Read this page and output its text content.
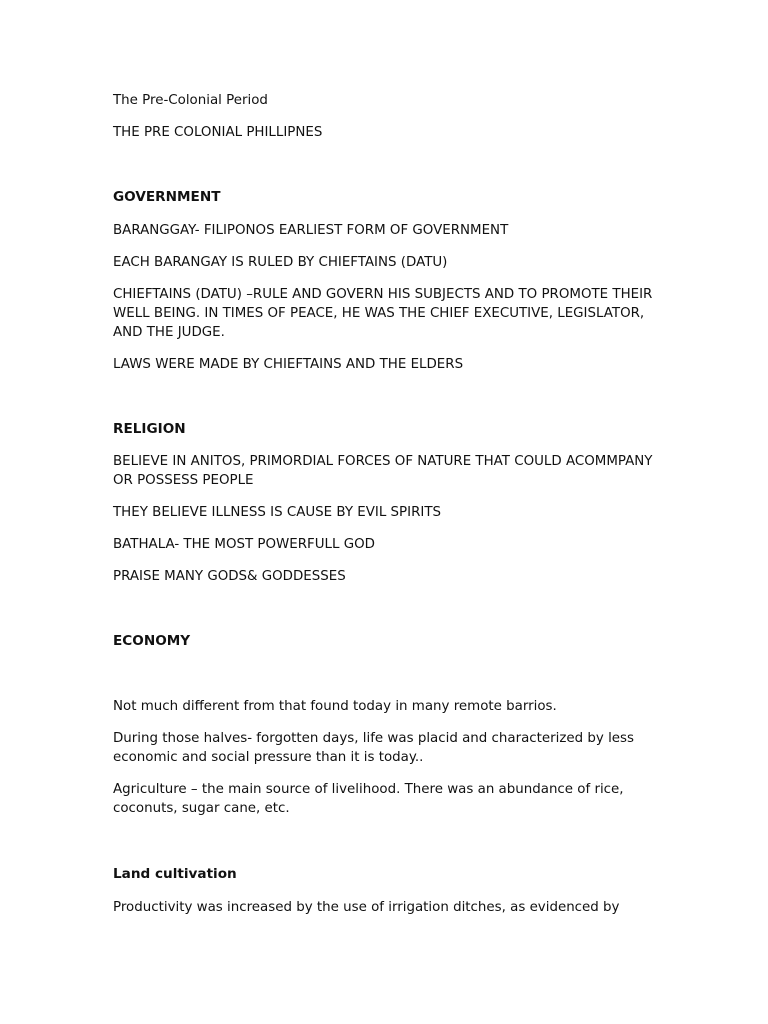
The Pre-Colonial Period
THE PRE COLONIAL PHILLIPNES
GOVERNMENT
BARANGGAY- FILIPONOS EARLIEST FORM OF GOVERNMENT
EACH BARANGAY IS RULED BY CHIEFTAINS (DATU)
CHIEFTAINS (DATU) –RULE AND GOVERN HIS SUBJECTS AND TO PROMOTE THEIR WELL BEING. IN TIMES OF PEACE, HE WAS THE CHIEF EXECUTIVE, LEGISLATOR, AND THE JUDGE.
LAWS WERE MADE BY CHIEFTAINS AND THE ELDERS
RELIGION
BELIEVE IN ANITOS, PRIMORDIAL FORCES OF NATURE THAT COULD ACOMMPANY OR POSSESS PEOPLE
THEY BELIEVE ILLNESS IS CAUSE BY EVIL SPIRITS
BATHALA- THE MOST POWERFULL GOD
PRAISE MANY GODS& GODDESSES
ECONOMY
Not much different from that found today in many remote barrios.
During those halves- forgotten days, life was placid and characterized by less economic and social pressure than it is today..
Agriculture – the main source of livelihood. There was an abundance of rice, coconuts, sugar cane, etc.
Land cultivation
Productivity was increased by the use of irrigation ditches, as evidenced by
